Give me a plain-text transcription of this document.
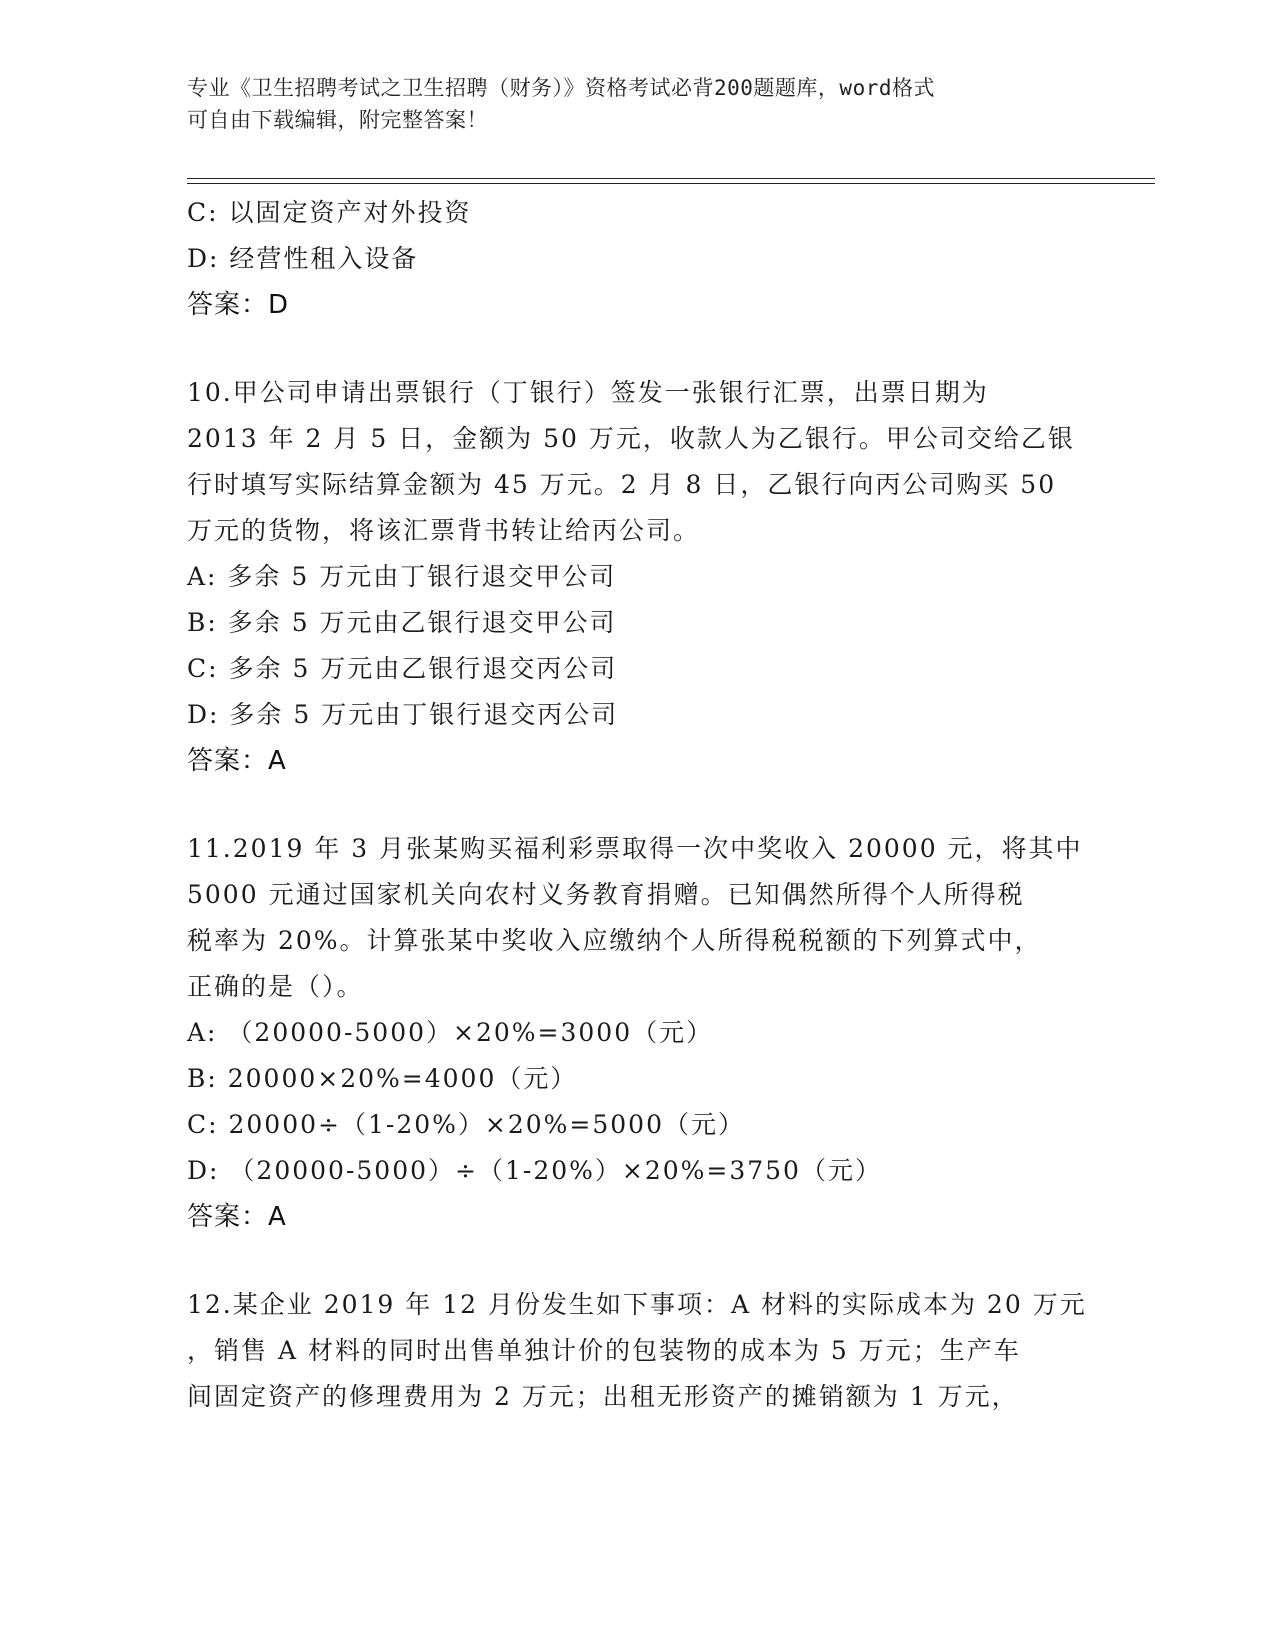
专业《卫生招聘考试之卫生招聘（财务）》资格考试必背200题题库，word格式
可自由下载编辑，附完整答案！
C: 以固定资产对外投资
D: 经营性租入设备
答案：D
10.甲公司申请出票银行（丁银行）签发一张银行汇票，出票日期为
2013 年 2 月 5 日，金额为 50 万元，收款人为乙银行。甲公司交给乙银
行时填写实际结算金额为 45 万元。2 月 8 日，乙银行向丙公司购买 50
万元的货物，将该汇票背书转让给丙公司。
A: 多余 5 万元由丁银行退交甲公司
B: 多余 5 万元由乙银行退交甲公司
C: 多余 5 万元由乙银行退交丙公司
D: 多余 5 万元由丁银行退交丙公司
答案：A
11.2019 年 3 月张某购买福利彩票取得一次中奖收入 20000 元，将其中
5000 元通过国家机关向农村义务教育捐赠。已知偶然所得个人所得税
税率为 20%。计算张某中奖收入应缴纳个人所得税税额的下列算式中，
正确的是（）。
A: （20000-5000）×20%=3000（元）
B: 20000×20%=4000（元）
C: 20000÷（1-20%）×20%=5000（元）
D: （20000-5000）÷（1-20%）×20%=3750（元）
答案：A
12.某企业 2019 年 12 月份发生如下事项：A 材料的实际成本为 20 万元
，销售 A 材料的同时出售单独计价的包装物的成本为 5 万元；生产车
间固定资产的修理费用为 2 万元；出租无形资产的摊销额为 1 万元，
